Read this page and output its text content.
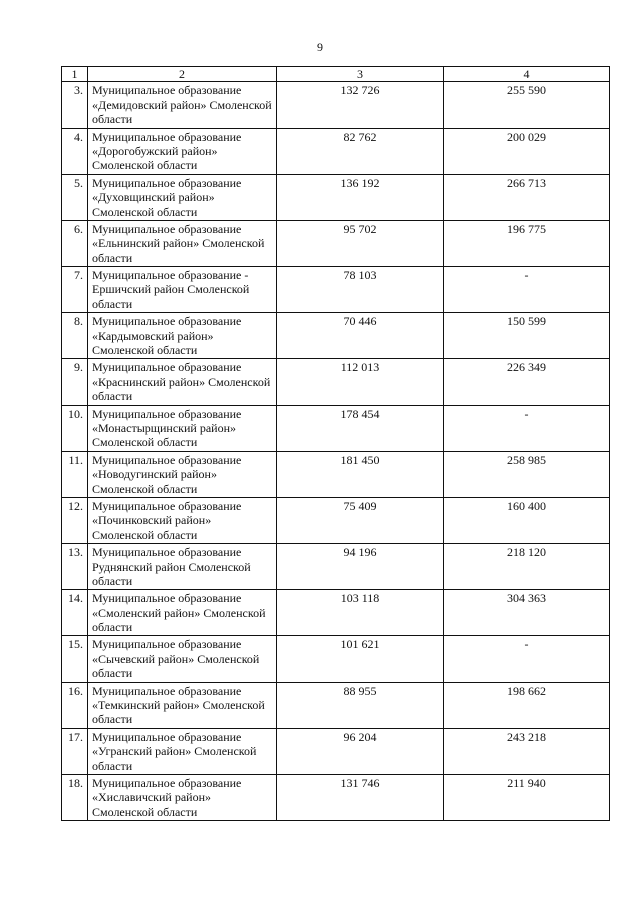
9
1	2	3	4
3.	Муниципальное образование «Демидовский район» Смоленской области	132 726	255 590
4.	Муниципальное образование «Дорогобужский район» Смоленской области	82 762	200 029
5.	Муниципальное образование «Духовщинский район» Смоленской области	136 192	266 713
6.	Муниципальное образование «Ельнинский район» Смоленской области	95 702	196 775
7.	Муниципальное образование - Ершичский район Смоленской области	78 103	-
8.	Муниципальное образование «Кардымовский район» Смоленской области	70 446	150 599
9.	Муниципальное образование «Краснинский район» Смоленской области	112 013	226 349
10.	Муниципальное образование «Монастырщинский район» Смоленской области	178 454	-
11.	Муниципальное образование «Новодугинский район» Смоленской области	181 450	258 985
12.	Муниципальное образование «Починковский район» Смоленской области	75 409	160 400
13.	Муниципальное образование Руднянский район Смоленской области	94 196	218 120
14.	Муниципальное образование «Смоленский район» Смоленской области	103 118	304 363
15.	Муниципальное образование «Сычевский район» Смоленской области	101 621	-
16.	Муниципальное образование «Темкинский район» Смоленской области	88 955	198 662
17.	Муниципальное образование «Угранский район» Смоленской области	96 204	243 218
18.	Муниципальное образование «Хиславичский район» Смоленской области	131 746	211 940
